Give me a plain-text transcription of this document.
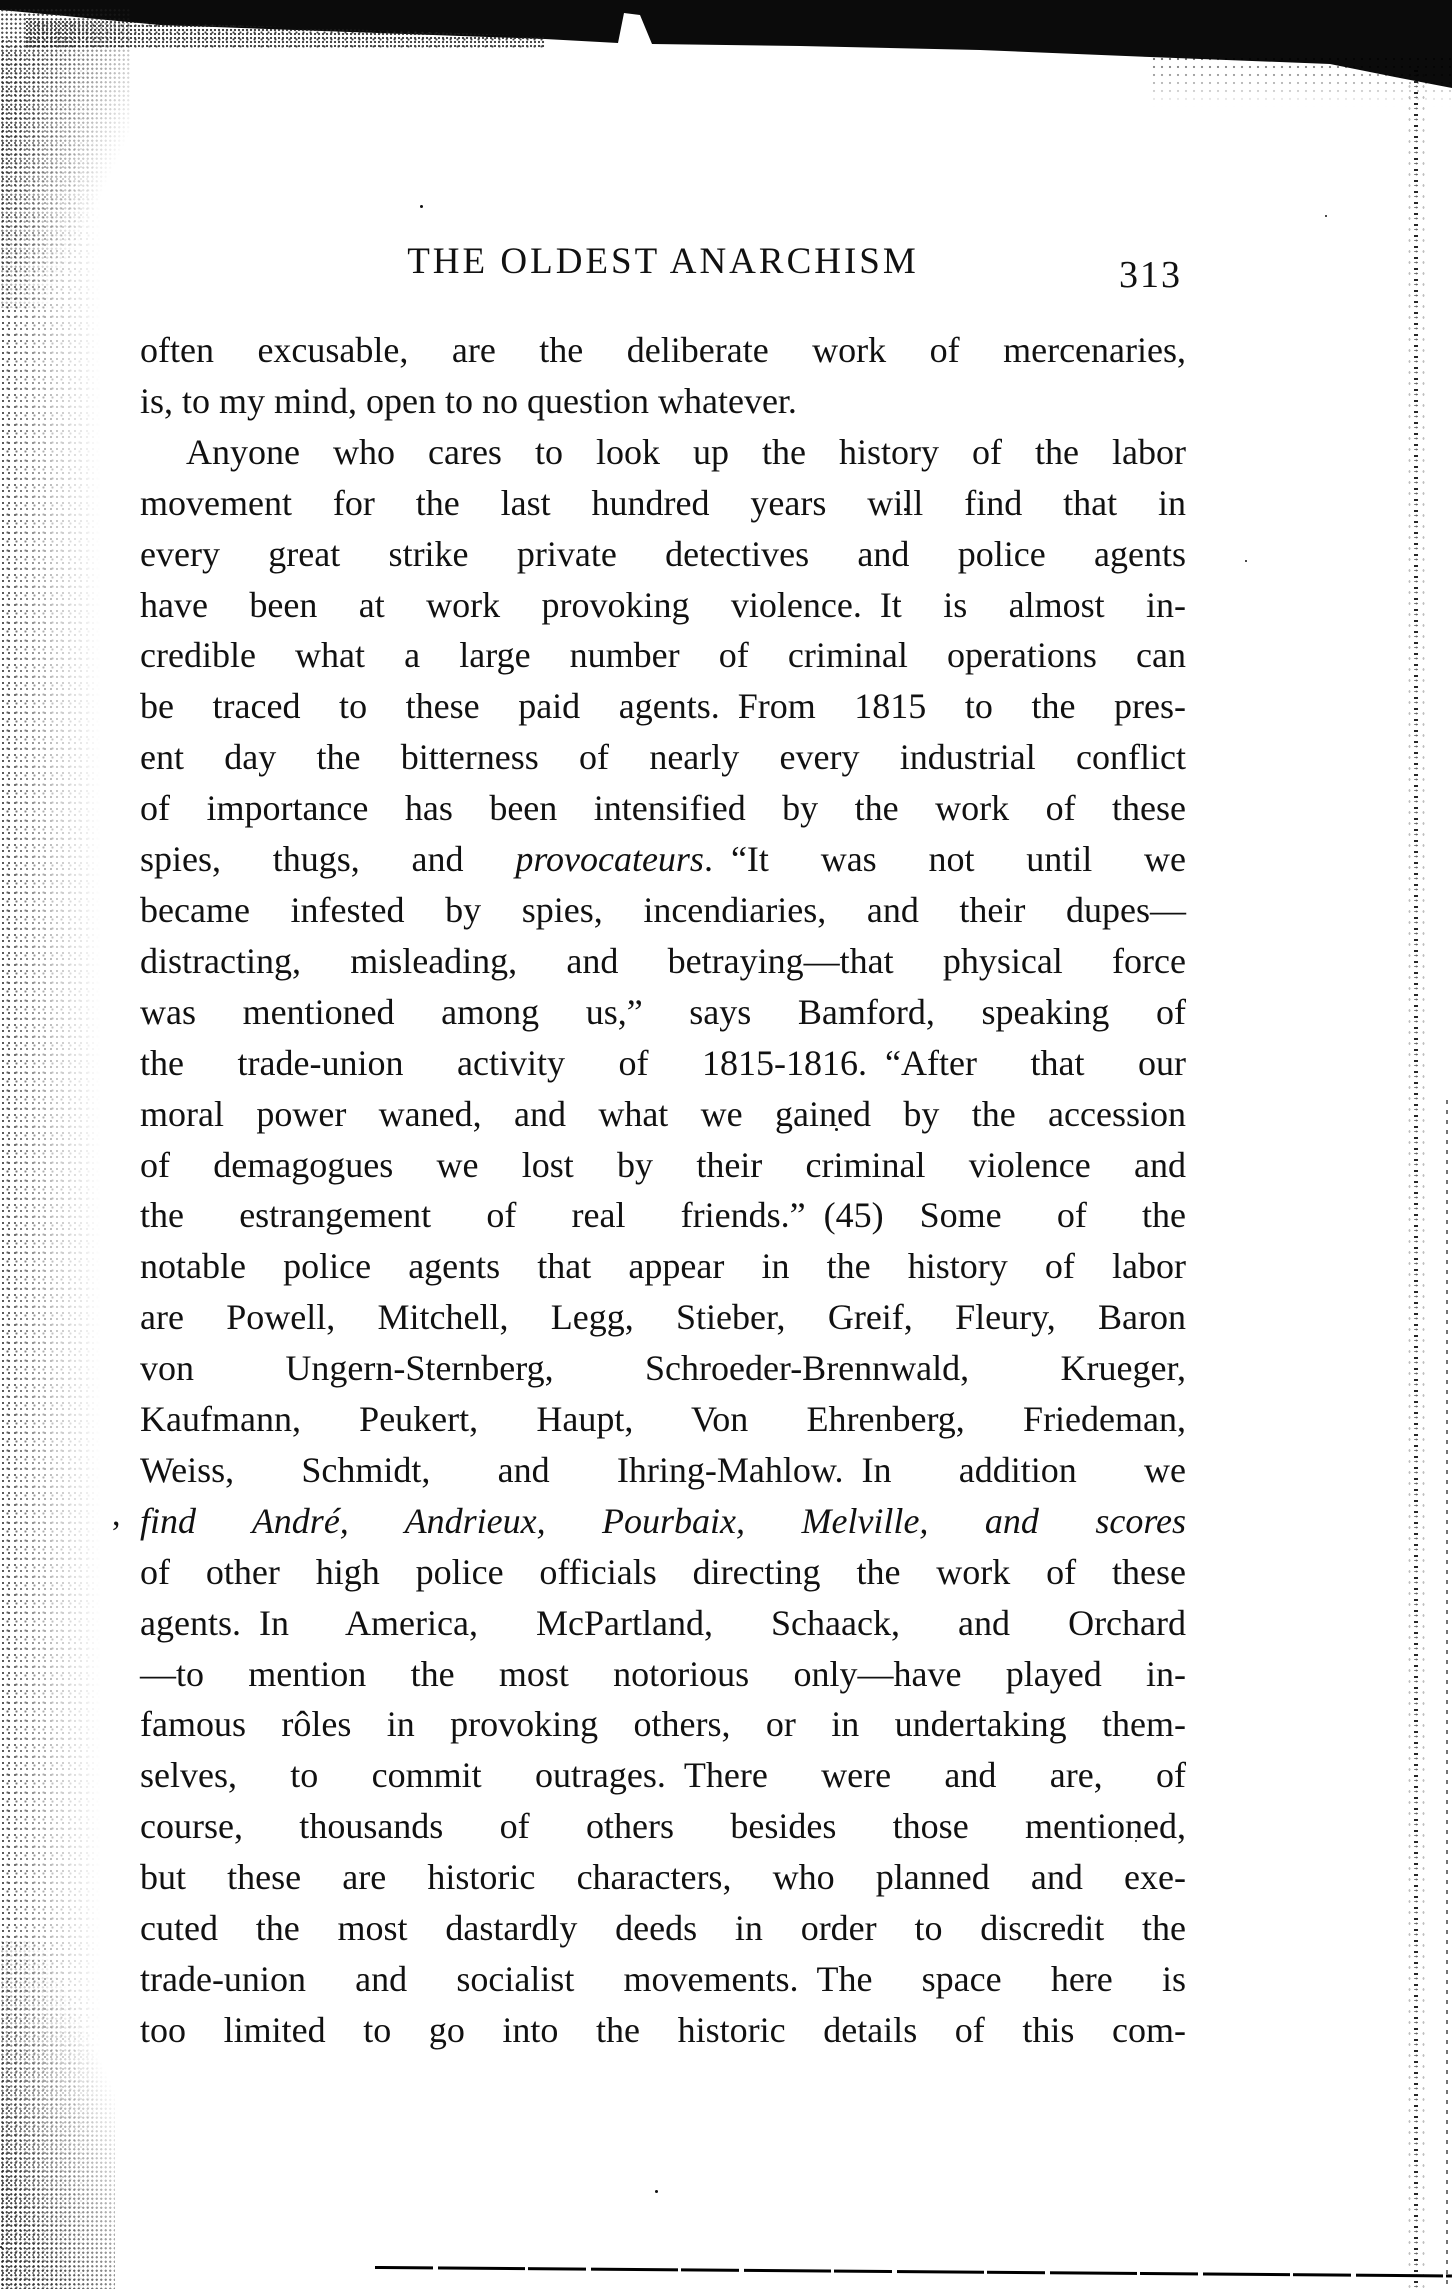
,
THE OLDEST ANARCHISM	313
often excusable, are the deliberate work of mercenaries,
is, to my mind, open to no question whatever.
Anyone who cares to look up the history of the labor
movement for the last hundred years will find that in
every great strike private detectives and police agents
have been at work provoking violence. It is almost in-
credible what a large number of criminal operations can
be traced to these paid agents. From 1815 to the pres-
ent day the bitterness of nearly every industrial conflict
of importance has been intensified by the work of these
spies, thugs, and provocateurs. “It was not until we
became infested by spies, incendiaries, and their dupes—
distracting, misleading, and betraying—that physical force
was mentioned among us,” says Bamford, speaking of
the trade-union activity of 1815-1816. “After that our
moral power waned, and what we gained by the accession
of demagogues we lost by their criminal violence and
the estrangement of real friends.” (45) Some of the
notable police agents that appear in the history of labor
are Powell, Mitchell, Legg, Stieber, Greif, Fleury, Baron
von Ungern-Sternberg, Schroeder-Brennwald, Krueger,
Kaufmann, Peukert, Haupt, Von Ehrenberg, Friedeman,
Weiss, Schmidt, and Ihring-Mahlow. In addition we
find André, Andrieux, Pourbaix, Melville, and scores
of other high police officials directing the work of these
agents. In America, McPartland, Schaack, and Orchard
—to mention the most notorious only—have played in-
famous rôles in provoking others, or in undertaking them-
selves, to commit outrages. There were and are, of
course, thousands of others besides those mentioned,
but these are historic characters, who planned and exe-
cuted the most dastardly deeds in order to discredit the
trade-union and socialist movements. The space here is
too limited to go into the historic details of this com-
